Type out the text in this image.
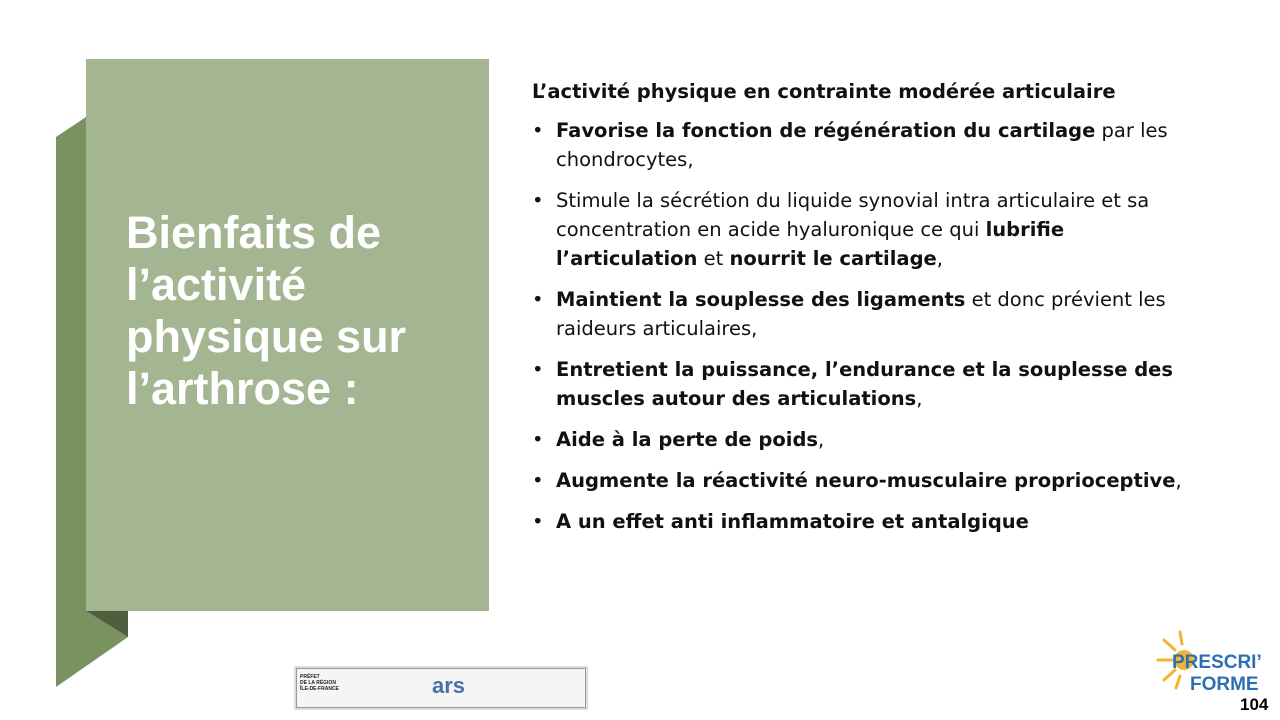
Bienfaits de l’activité physique sur l’arthrose :

L’activité physique en contrainte modérée articulaire

• Favorise la fonction de régénération du cartilage par les chondrocytes,
• Stimule la sécrétion du liquide synovial intra articulaire et sa concentration en acide hyaluronique ce qui lubrifie l’articulation et nourrit le cartilage,
• Maintient la souplesse des ligaments et donc prévient les raideurs articulaires,
• Entretient la puissance, l’endurance et la souplesse des muscles autour des articulations,
• Aide à la perte de poids,
• Augmente la réactivité neuro-musculaire proprioceptive,
• A un effet anti inflammatoire et antalgique
PRÉFET
DE LA RÉGION
ÎLE-DE-FRANCE	ars
PRESCRI’
FORME
104
